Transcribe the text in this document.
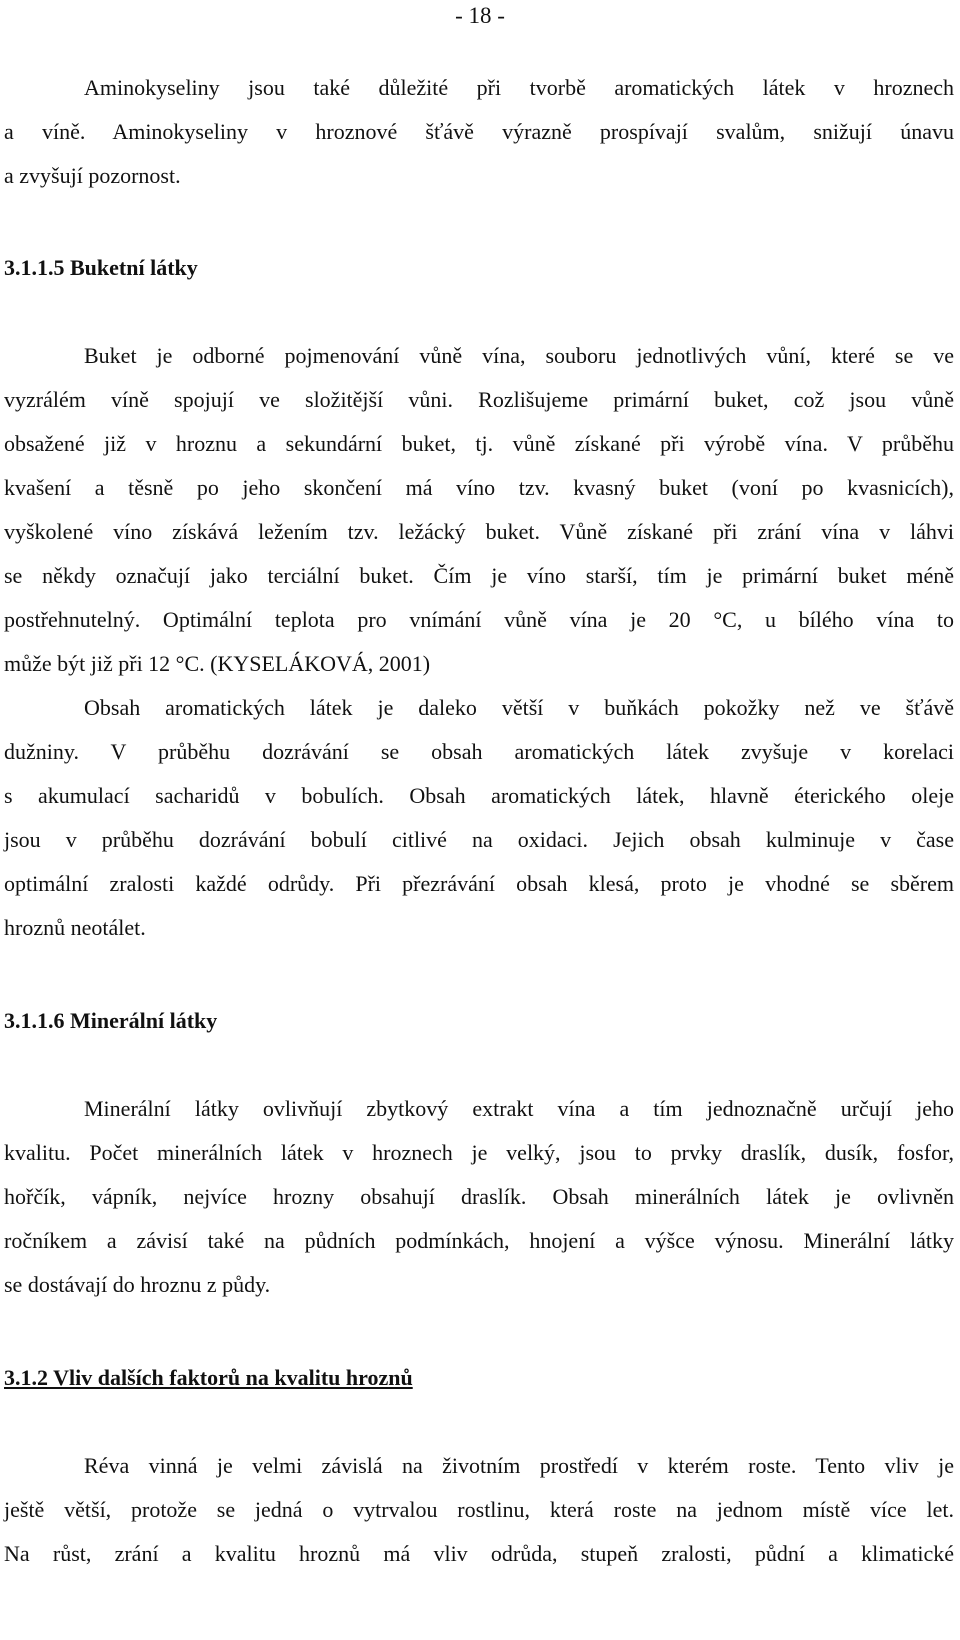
- 18 -
Aminokyseliny jsou také důležité při tvorbě aromatických látek v hroznech
a víně. Aminokyseliny v hroznové šťávě výrazně prospívají svalům, snižují únavu
a zvyšují pozornost.
3.1.1.5 Buketní látky
Buket je odborné pojmenování vůně vína, souboru jednotlivých vůní, které se ve
vyzrálém víně spojují ve složitější vůni. Rozlišujeme primární buket, což jsou vůně
obsažené již v hroznu a sekundární buket, tj. vůně získané při výrobě vína. V průběhu
kvašení a těsně po jeho skončení má víno tzv. kvasný buket (voní po kvasnicích),
vyškolené víno získává ležením tzv. ležácký buket. Vůně získané při zrání vína v láhvi
se někdy označují jako terciální buket. Čím je víno starší, tím je primární buket méně
postřehnutelný. Optimální teplota pro vnímání vůně vína je 20 °C, u bílého vína to
může být již při 12 °C. (KYSELÁKOVÁ, 2001)
Obsah aromatických látek je daleko větší v buňkách pokožky než ve šťávě
dužniny. V průběhu dozrávání se obsah aromatických látek zvyšuje v korelaci
s akumulací sacharidů v bobulích. Obsah aromatických látek, hlavně éterického oleje
jsou v průběhu dozrávání bobulí citlivé na oxidaci. Jejich obsah kulminuje v čase
optimální zralosti každé odrůdy. Při přezrávání obsah klesá, proto je vhodné se sběrem
hroznů neotálet.
3.1.1.6 Minerální látky
Minerální látky ovlivňují zbytkový extrakt vína a tím jednoznačně určují jeho
kvalitu. Počet minerálních látek v hroznech je velký, jsou to prvky draslík, dusík, fosfor,
hořčík, vápník, nejvíce hrozny obsahují draslík. Obsah minerálních látek je ovlivněn
ročníkem a závisí také na půdních podmínkách, hnojení a výšce výnosu. Minerální látky
se dostávají do hroznu z půdy.
3.1.2 Vliv dalších faktorů na kvalitu hroznů
Réva vinná je velmi závislá na životním prostředí v kterém roste. Tento vliv je
ještě větší, protože se jedná o vytrvalou rostlinu, která roste na jednom místě více let.
Na růst, zrání a kvalitu hroznů má vliv odrůda, stupeň zralosti, půdní a klimatické
